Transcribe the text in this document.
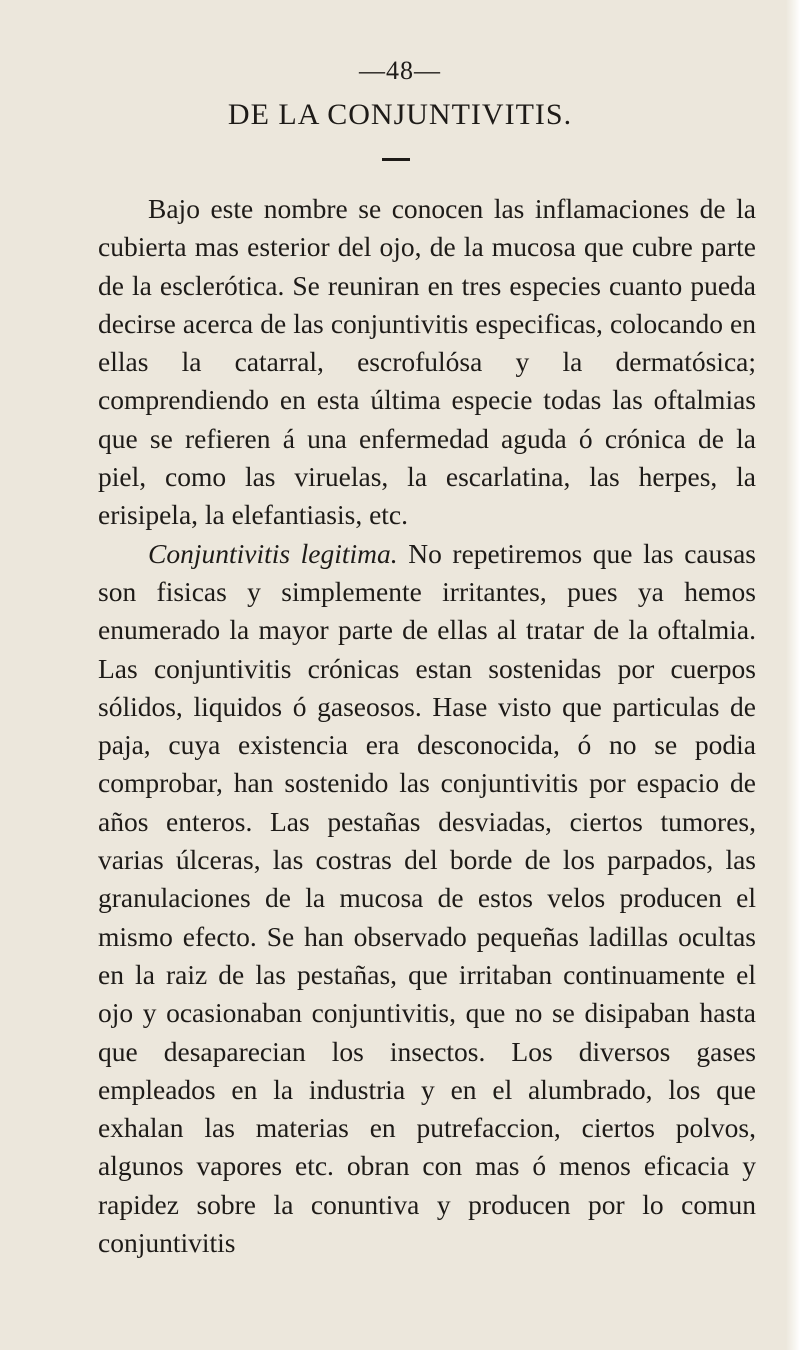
—48—

DE LA CONJUNTIVITIS.

Bajo este nombre se conocen las inflamaciones de la cubierta mas esterior del ojo, de la mucosa que cubre parte de la esclerótica. Se reuniran en tres especies cuanto pueda decirse acerca de las conjuntivitis especificas, colocando en ellas la catarral, escrofulósa y la dermatósica; comprendiendo en esta última especie todas las oftalmias que se refieren á una enfermedad aguda ó crónica de la piel, como las viruelas, la escarlatina, las herpes, la erisipela, la elefantiasis, etc.

Conjuntivitis legitima. No repetiremos que las causas son fisicas y simplemente irritantes, pues ya hemos enumerado la mayor parte de ellas al tratar de la oftalmia. Las conjuntivitis crónicas estan sostenidas por cuerpos sólidos, liquidos ó gaseosos. Hase visto que particulas de paja, cuya existencia era desconocida, ó no se podia comprobar, han sostenido las conjuntivitis por espacio de años enteros. Las pestañas desviadas, ciertos tumores, varias úlceras, las costras del borde de los parpados, las granulaciones de la mucosa de estos velos producen el mismo efecto. Se han observado pequeñas ladillas ocultas en la raiz de las pestañas, que irritaban continuamente el ojo y ocasionaban conjuntivitis, que no se disipaban hasta que desaparecian los insectos. Los diversos gases empleados en la industria y en el alumbrado, los que exhalan las materias en putrefaccion, ciertos polvos, algunos vapores etc. obran con mas ó menos eficacia y rapidez sobre la conuntiva y producen por lo comun conjuntivitis
